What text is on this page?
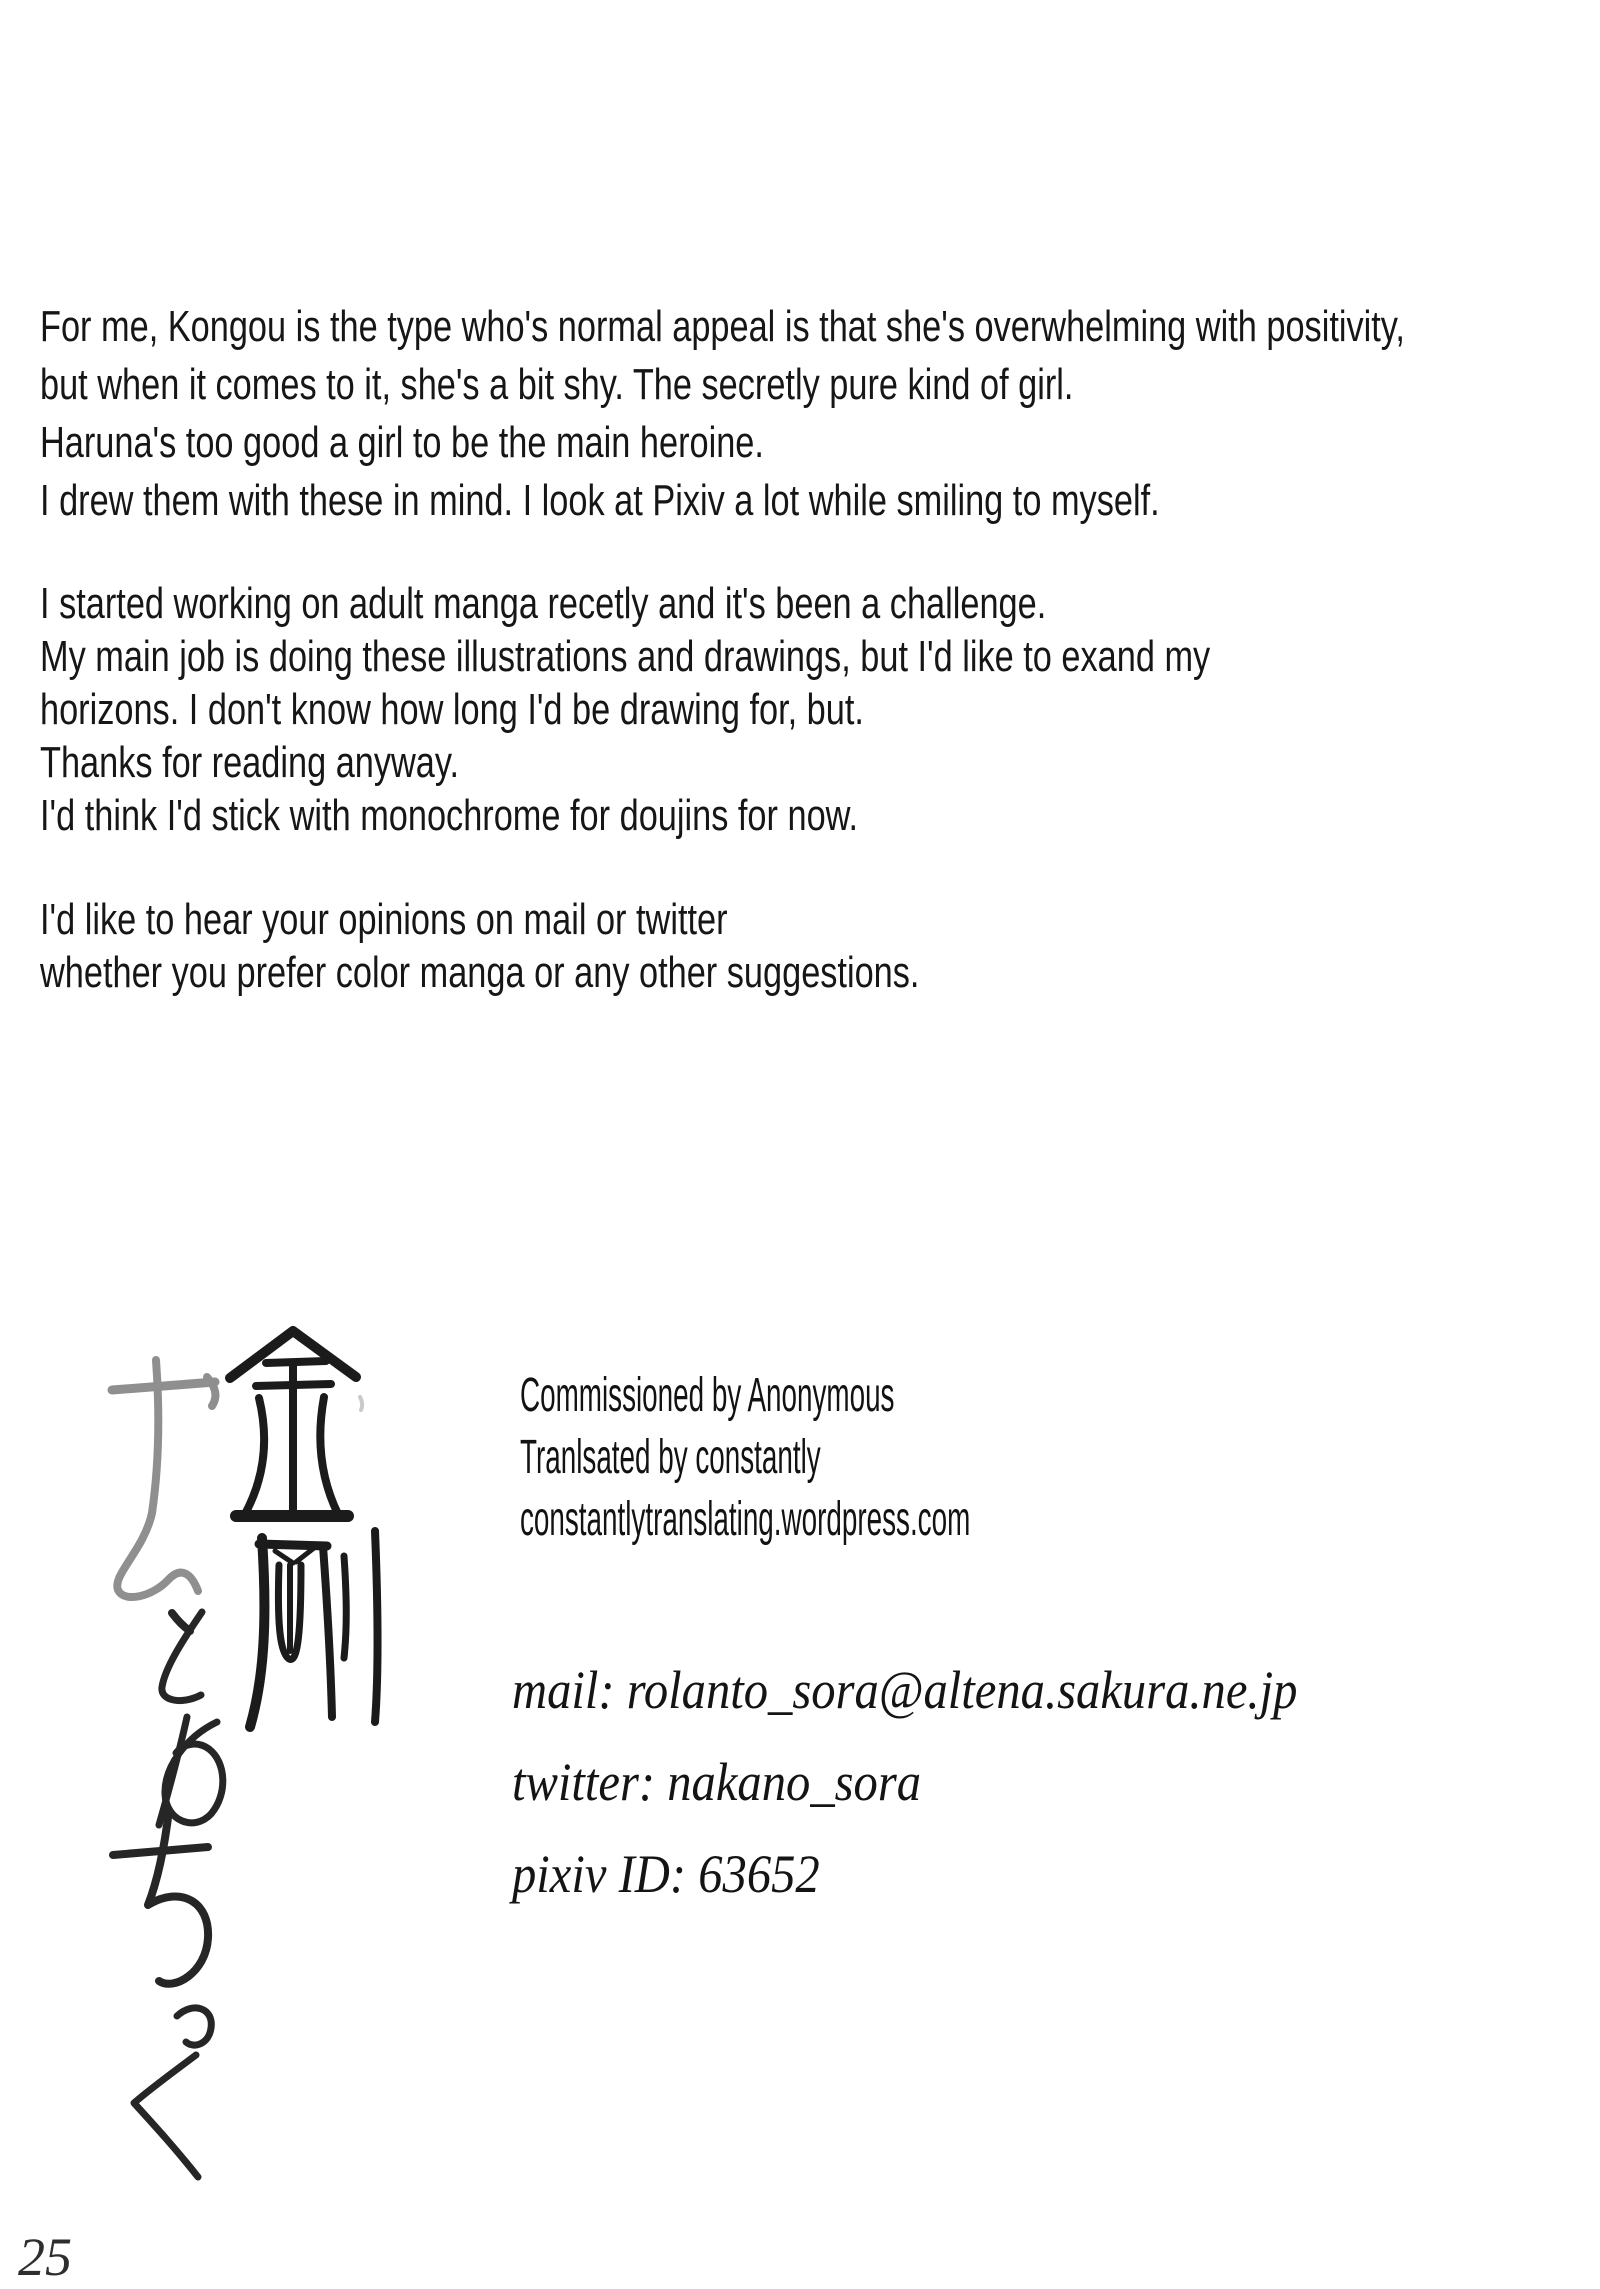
For me, Kongou is the type who's normal appeal is that she's overwhelming with positivity,
but when it comes to it, she's a bit shy. The secretly pure kind of girl.
Haruna's too good a girl to be the main heroine.
I drew them with these in mind. I look at Pixiv a lot while smiling to myself.
I started working on adult manga recetly and it's been a challenge.
My main job is doing these illustrations and drawings, but I'd like to exand my
horizons. I don't know how long I'd be drawing for, but.
Thanks for reading anyway.
I'd think I'd stick with monochrome for doujins for now.
I'd like to hear your opinions on mail or twitter
whether you prefer color manga or any other suggestions.
Commissioned by Anonymous
Tranlsated by constantly
constantlytranslating.wordpress.com
mail: rolanto_sora@altena.sakura.ne.jp
twitter: nakano_sora
pixiv ID: 63652
25
